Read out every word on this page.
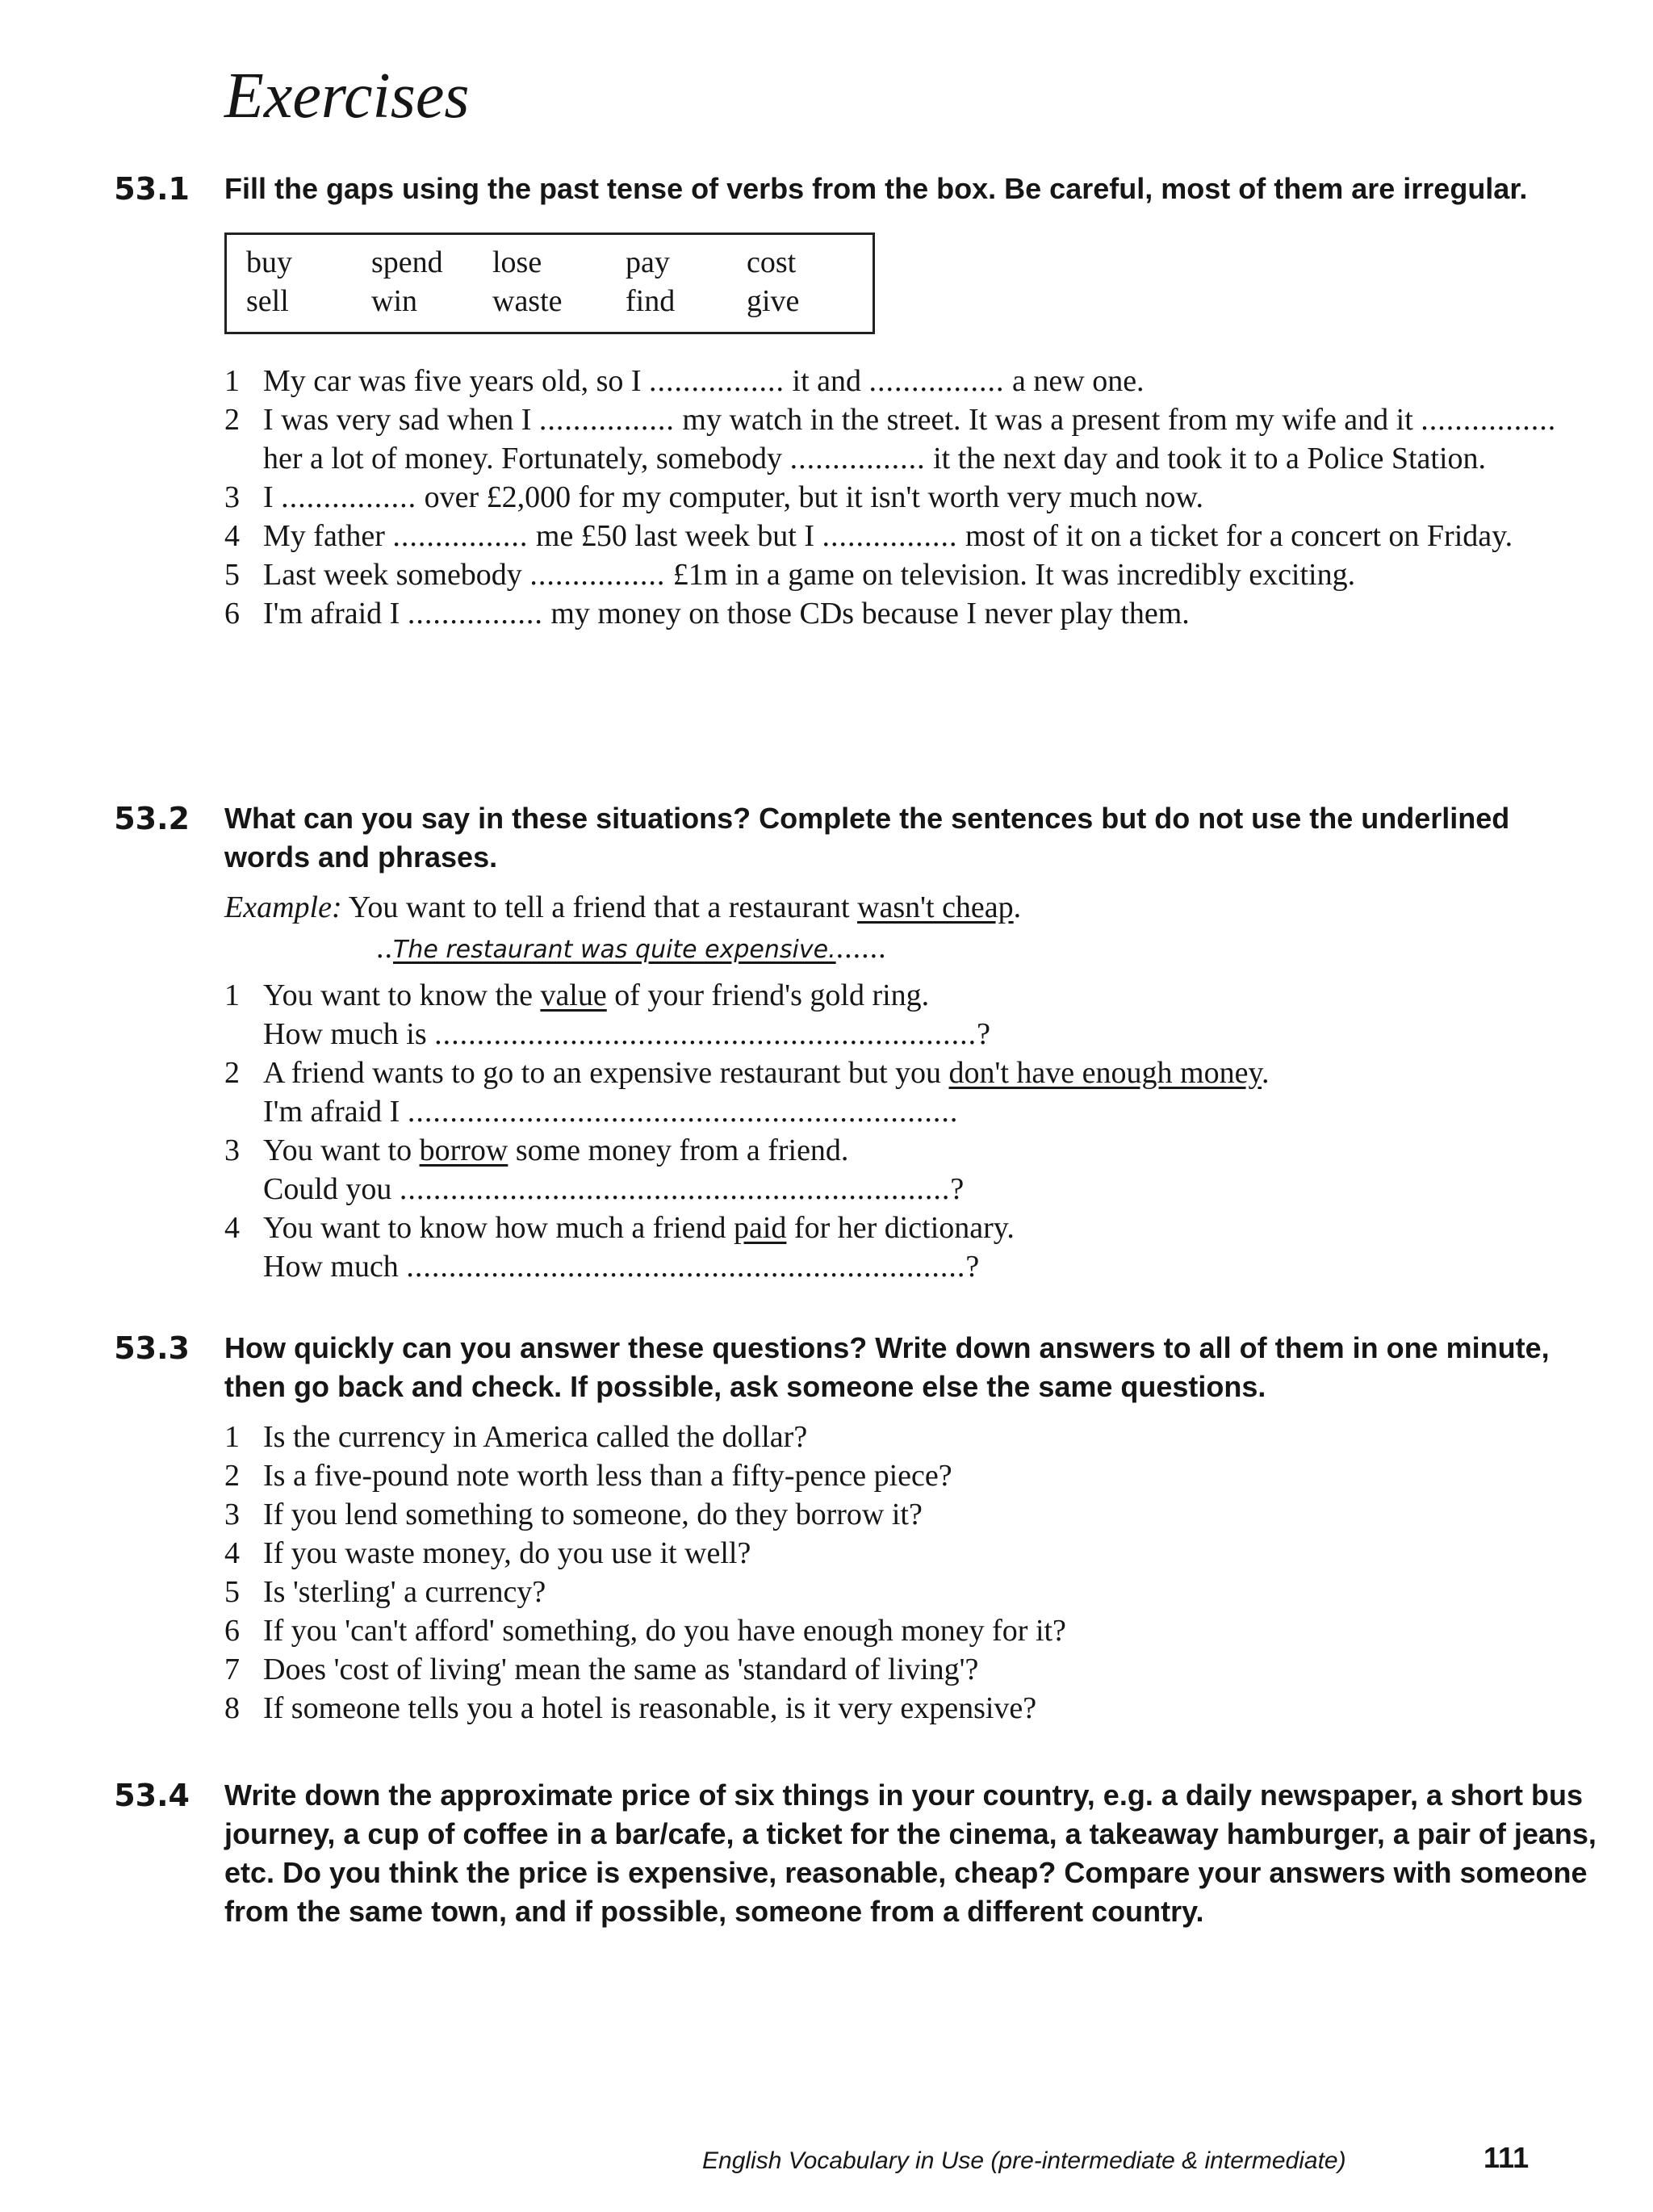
Exercises
53.1 Fill the gaps using the past tense of verbs from the box. Be careful, most of them are irregular.

buy	spend	lose	pay	cost
sell	win	waste	find	give
1 My car was five years old, so I ................ it and ................ a new one.
2 I was very sad when I ................ my watch in the street. It was a present from my wife and it ................ her a lot of money. Fortunately, somebody ................ it the next day and took it to a Police Station.
3 I ................ over £2,000 for my computer, but it isn't worth very much now.
4 My father ................ me £50 last week but I ................ most of it on a ticket for a concert on Friday.
5 Last week somebody ................ £1m in a game on television. It was incredibly exciting.
6 I'm afraid I ................ my money on those CDs because I never play them.
53.2 What can you say in these situations? Complete the sentences but do not use the underlined words and phrases.

Example: You want to tell a friend that a restaurant wasn't cheap.
..The restaurant was quite expensive.......
1 You want to know the value of your friend's gold ring.
How much is ................................................................?
2 A friend wants to go to an expensive restaurant but you don't have enough money.
I'm afraid I .................................................................
3 You want to borrow some money from a friend.
Could you .................................................................?
4 You want to know how much a friend paid for her dictionary.
How much ..................................................................?
53.3 How quickly can you answer these questions? Write down answers to all of them in one minute, then go back and check. If possible, ask someone else the same questions.

1 Is the currency in America called the dollar?
2 Is a five-pound note worth less than a fifty-pence piece?
3 If you lend something to someone, do they borrow it?
4 If you waste money, do you use it well?
5 Is 'sterling' a currency?
6 If you 'can't afford' something, do you have enough money for it?
7 Does 'cost of living' mean the same as 'standard of living'?
8 If someone tells you a hotel is reasonable, is it very expensive?
53.4 Write down the approximate price of six things in your country, e.g. a daily newspaper, a short bus journey, a cup of coffee in a bar/cafe, a ticket for the cinema, a takeaway hamburger, a pair of jeans, etc. Do you think the price is expensive, reasonable, cheap? Compare your answers with someone from the same town, and if possible, someone from a different country.

English Vocabulary in Use (pre-intermediate & intermediate)	111
